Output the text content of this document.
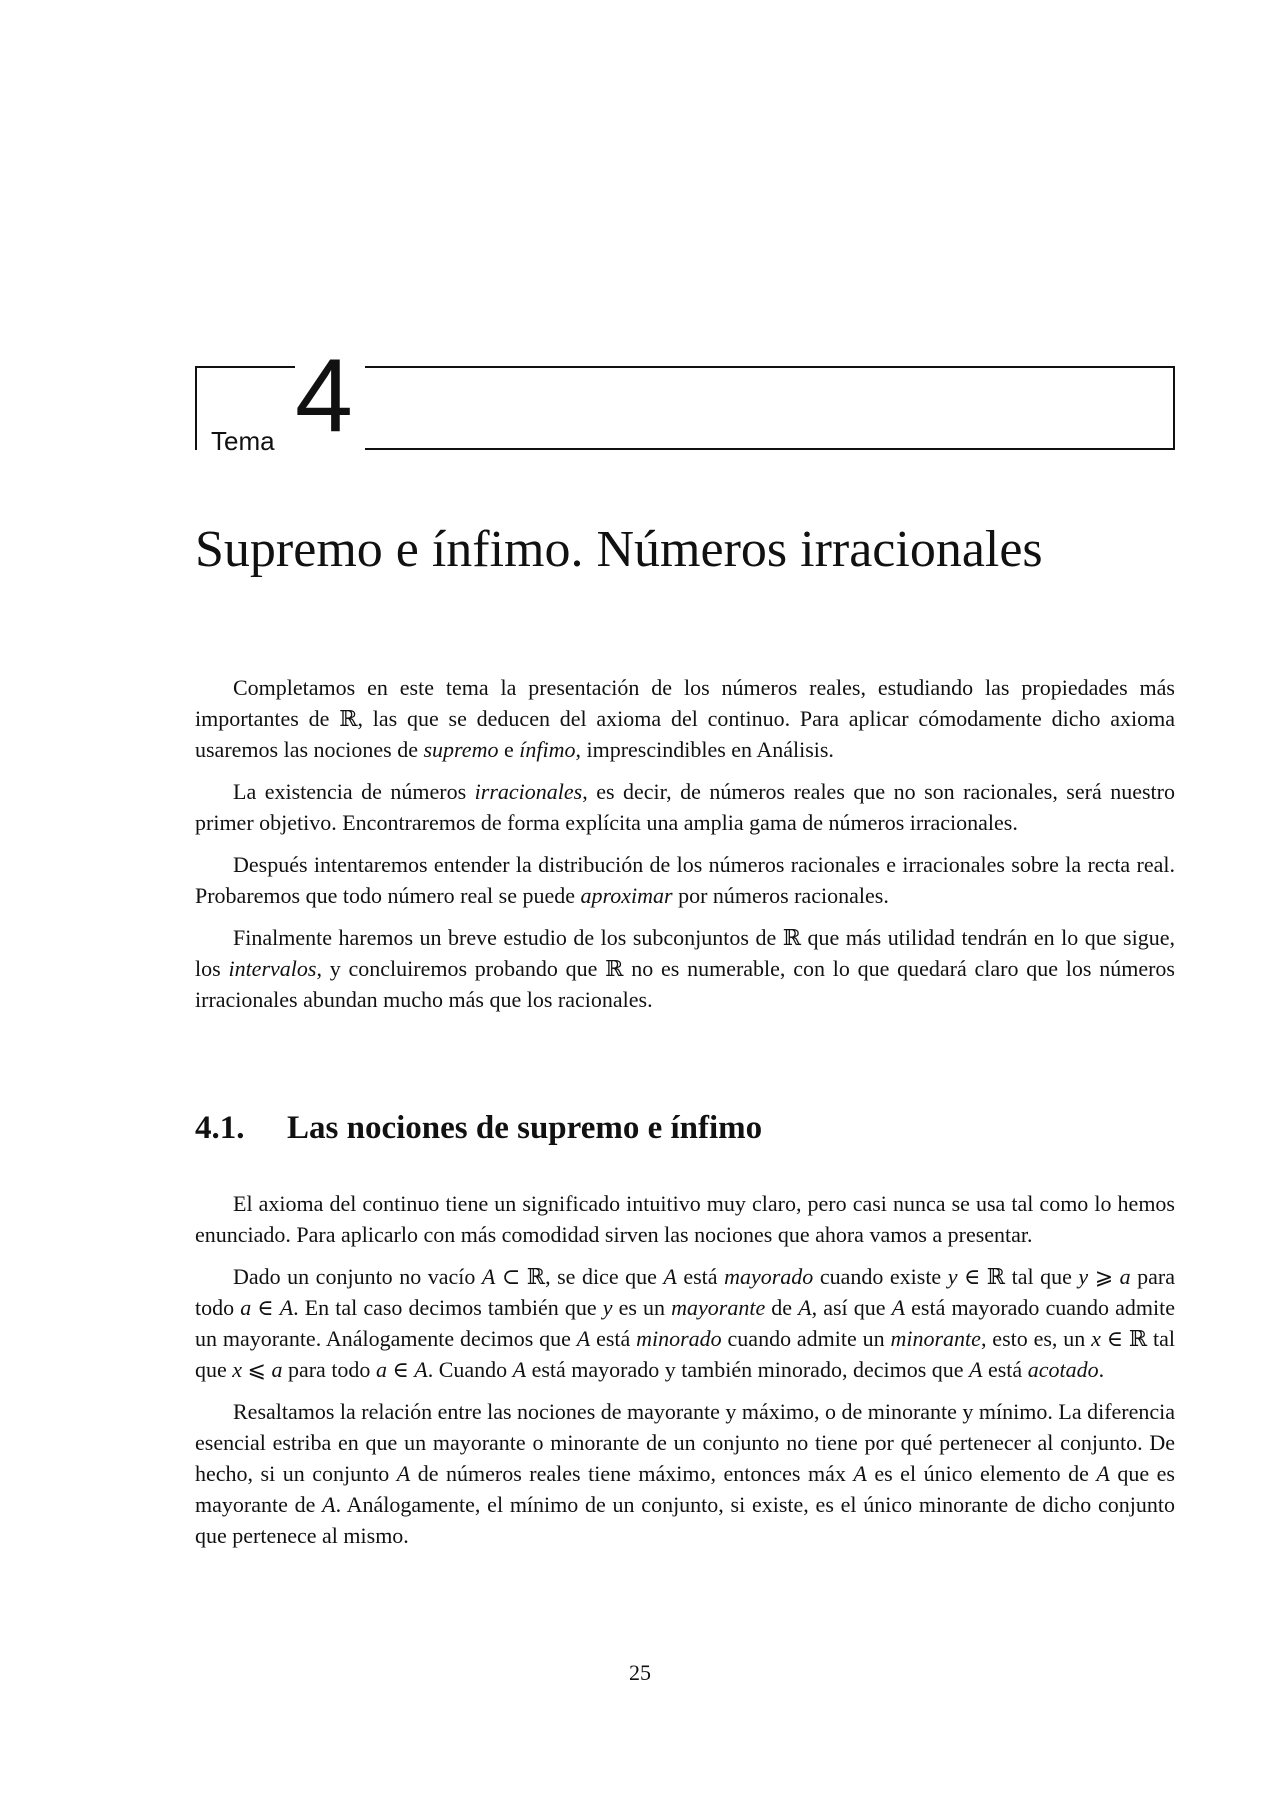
Tema 4
Supremo e ínfimo. Números irracionales

Completamos en este tema la presentación de los números reales, estudiando las propiedades más importantes de ℝ, las que se deducen del axioma del continuo. Para aplicar cómodamente dicho axioma usaremos las nociones de supremo e ínfimo, imprescindibles en Análisis.

La existencia de números irracionales, es decir, de números reales que no son racionales, será nuestro primer objetivo. Encontraremos de forma explícita una amplia gama de números irracionales.

Después intentaremos entender la distribución de los números racionales e irracionales sobre la recta real. Probaremos que todo número real se puede aproximar por números racionales.

Finalmente haremos un breve estudio de los subconjuntos de ℝ que más utilidad tendrán en lo que sigue, los intervalos, y concluiremos probando que ℝ no es numerable, con lo que quedará claro que los números irracionales abundan mucho más que los racionales.

4.1. Las nociones de supremo e ínfimo

El axioma del continuo tiene un significado intuitivo muy claro, pero casi nunca se usa tal como lo hemos enunciado. Para aplicarlo con más comodidad sirven las nociones que ahora vamos a presentar.

Dado un conjunto no vacío A ⊂ ℝ, se dice que A está mayorado cuando existe y ∈ ℝ tal que y ⩾ a para todo a ∈ A. En tal caso decimos también que y es un mayorante de A, así que A está mayorado cuando admite un mayorante. Análogamente decimos que A está minorado cuando admite un minorante, esto es, un x ∈ ℝ tal que x ⩽ a para todo a ∈ A. Cuando A está mayorado y también minorado, decimos que A está acotado.

Resaltamos la relación entre las nociones de mayorante y máximo, o de minorante y mínimo. La diferencia esencial estriba en que un mayorante o minorante de un conjunto no tiene por qué pertenecer al conjunto. De hecho, si un conjunto A de números reales tiene máximo, entonces máx A es el único elemento de A que es mayorante de A. Análogamente, el mínimo de un conjunto, si existe, es el único minorante de dicho conjunto que pertenece al mismo.

25
